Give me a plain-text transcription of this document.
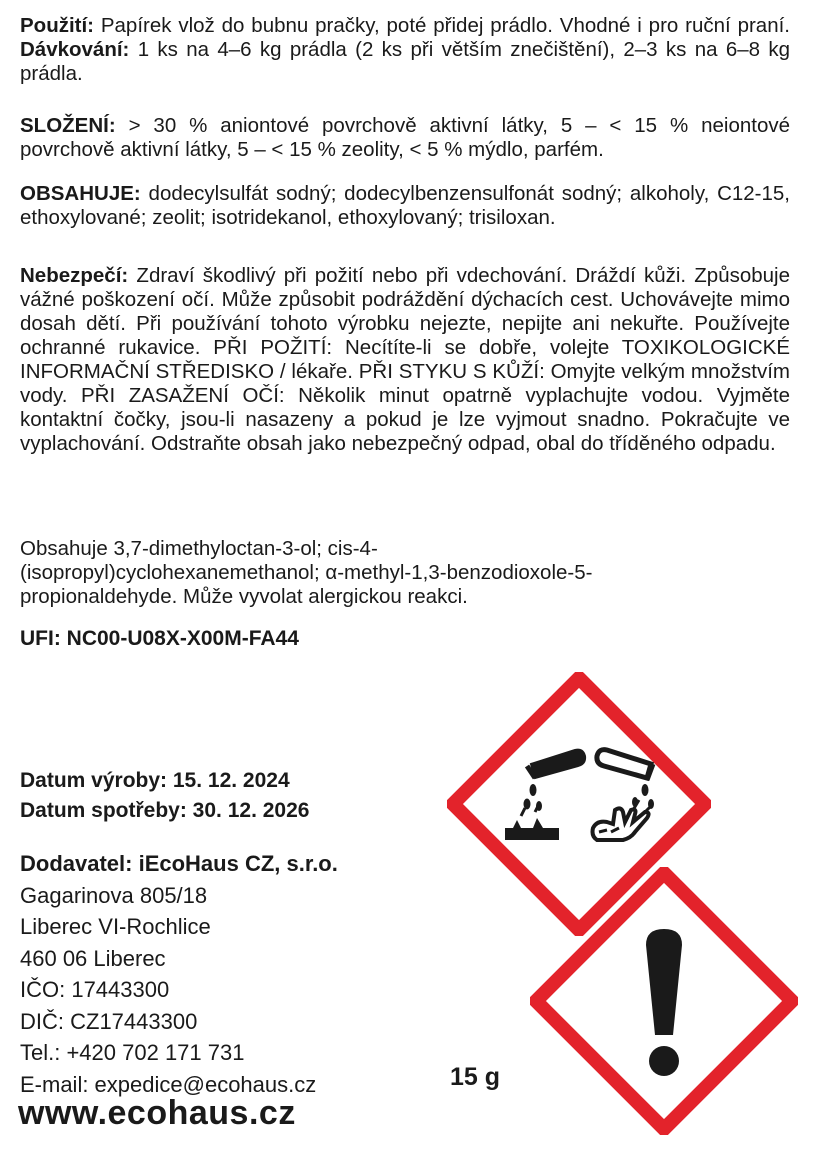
Použití: Papírek vlož do bubnu pračky, poté přidej prádlo. Vhodné i pro ruční praní. Dávkování: 1 ks na 4–6 kg prádla (2 ks při větším znečištění), 2–3 ks na 6–8 kg prádla.

SLOŽENÍ: > 30 % aniontové povrchově aktivní látky, 5 – < 15 % neiontové povrchově aktivní látky, 5 – < 15 % zeolity, < 5 % mýdlo, parfém.

OBSAHUJE: dodecylsulfát sodný; dodecylbenzensulfonát sodný; alkoholy, C12-15, ethoxylované; zeolit; isotridekanol, ethoxylovaný; trisiloxan.

Nebezpečí: Zdraví škodlivý při požití nebo při vdechování. Dráždí kůži. Způsobuje vážné poškození očí. Může způsobit podráždění dýchacích cest. Uchovávejte mimo dosah dětí. Při používání tohoto výrobku nejezte, nepijte ani nekuřte. Používejte ochranné rukavice. PŘI POŽITÍ: Necítíte-li se dobře, volejte TOXIKOLOGICKÉ INFORMAČNÍ STŘEDISKO / lékaře. PŘI STYKU S KŮŽÍ: Omyjte velkým množstvím vody. PŘI ZASAŽENÍ OČÍ: Několik minut opatrně vyplachujte vodou. Vyjměte kontaktní čočky, jsou-li nasazeny a pokud je lze vyjmout snadno. Pokračujte ve vyplachování. Odstraňte obsah jako nebezpečný odpad, obal do tříděného odpadu.

Obsahuje 3,7-dimethyloctan-3-ol; cis-4-
(isopropyl)cyclohexanemethanol; α-methyl-1,3-benzodioxole-5-
propionaldehyde. Může vyvolat alergickou reakci.
UFI: NC00-U08X-X00M-FA44
Datum výroby: 15. 12. 2024
Datum spotřeby: 30. 12. 2026
Dodavatel: iEcoHaus CZ, s.r.o.
Gagarinova 805/18
Liberec VI-Rochlice
460 06 Liberec
IČO: 17443300
DIČ: CZ17443300
Tel.: +420 702 171 731
E-mail: expedice@ecohaus.cz	15 g
www.ecohaus.cz
